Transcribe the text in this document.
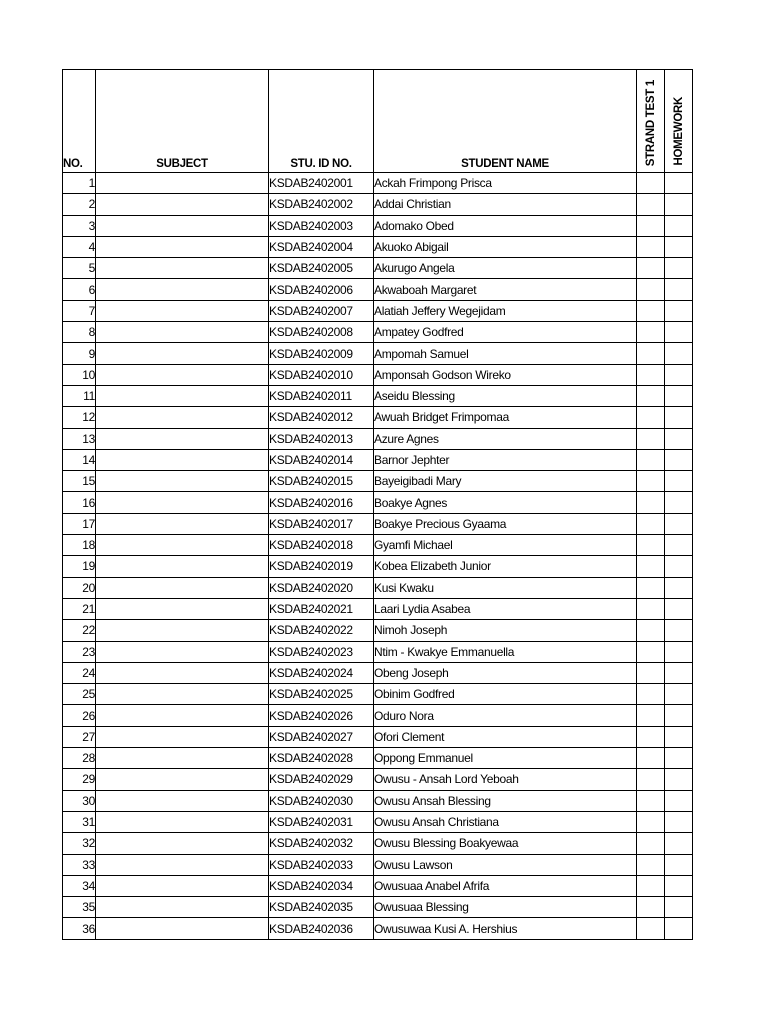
NO.	SUBJECT	STU. ID NO.	STUDENT NAME	STRAND TEST 1	HOMEWORK

1		KSDAB2402001	Ackah Frimpong Prisca		
2		KSDAB2402002	Addai Christian		
3		KSDAB2402003	Adomako Obed		
4		KSDAB2402004	Akuoko Abigail		
5		KSDAB2402005	Akurugo Angela		
6		KSDAB2402006	Akwaboah Margaret		
7		KSDAB2402007	Alatiah Jeffery Wegejidam		
8		KSDAB2402008	Ampatey Godfred		
9		KSDAB2402009	Ampomah Samuel		
10		KSDAB2402010	Amponsah Godson Wireko		
11		KSDAB2402011	Aseidu Blessing		
12		KSDAB2402012	Awuah Bridget Frimpomaa		
13		KSDAB2402013	Azure Agnes		
14		KSDAB2402014	Barnor Jephter		
15		KSDAB2402015	Bayeigibadi Mary		
16		KSDAB2402016	Boakye Agnes		
17		KSDAB2402017	Boakye Precious Gyaama		
18		KSDAB2402018	Gyamfi Michael		
19		KSDAB2402019	Kobea Elizabeth Junior		
20		KSDAB2402020	Kusi Kwaku		
21		KSDAB2402021	Laari Lydia Asabea		
22		KSDAB2402022	Nimoh Joseph		
23		KSDAB2402023	Ntim - Kwakye Emmanuella		
24		KSDAB2402024	Obeng Joseph		
25		KSDAB2402025	Obinim Godfred		
26		KSDAB2402026	Oduro Nora		
27		KSDAB2402027	Ofori Clement		
28		KSDAB2402028	Oppong Emmanuel		
29		KSDAB2402029	Owusu - Ansah Lord Yeboah		
30		KSDAB2402030	Owusu Ansah Blessing		
31		KSDAB2402031	Owusu Ansah Christiana		
32		KSDAB2402032	Owusu Blessing Boakyewaa		
33		KSDAB2402033	Owusu Lawson		
34		KSDAB2402034	Owusuaa Anabel Afrifa		
35		KSDAB2402035	Owusuaa Blessing		
36		KSDAB2402036	Owusuwaa Kusi A. Hershius		
